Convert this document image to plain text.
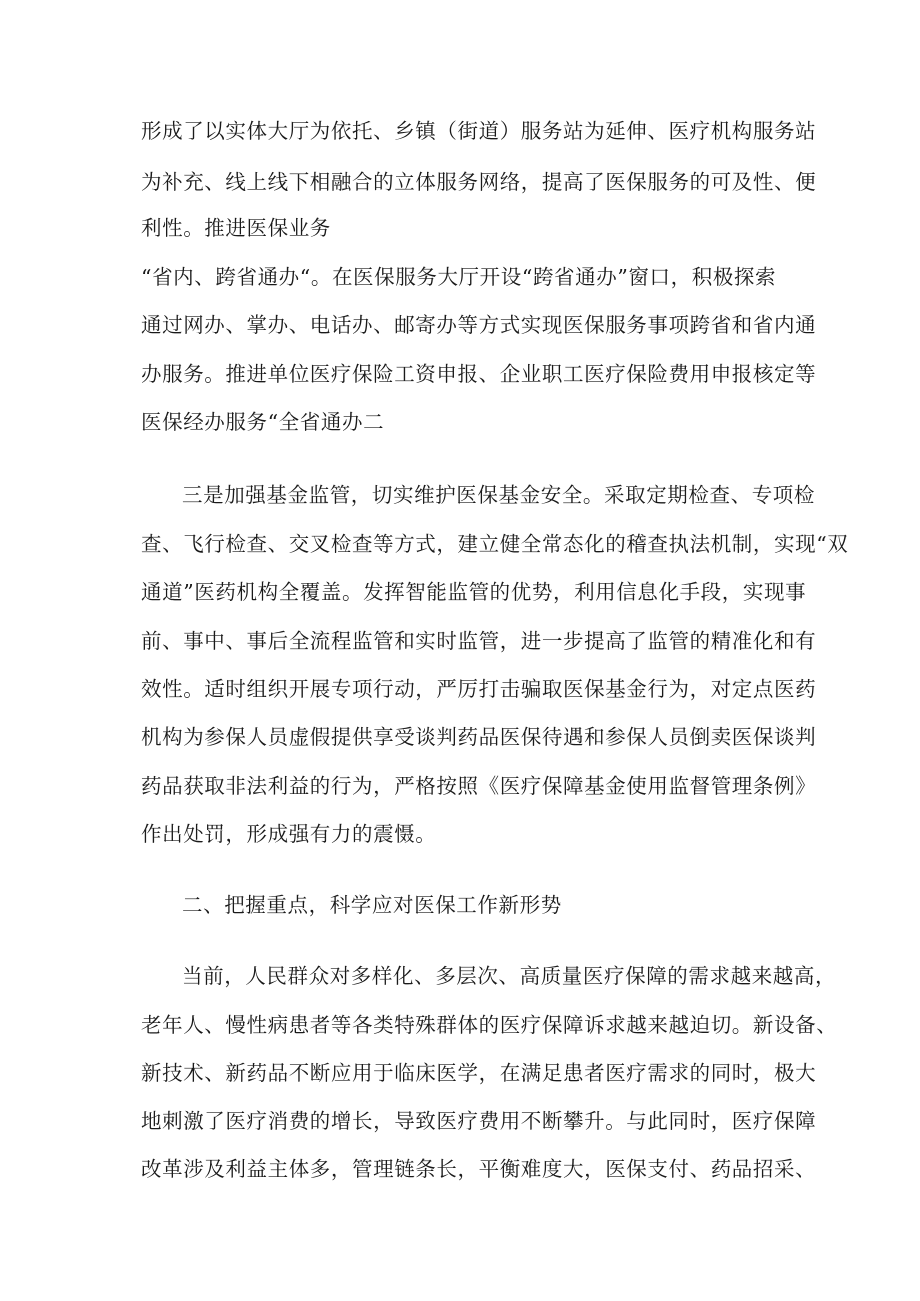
形成了以实体大厅为依托、乡镇（街道）服务站为延伸、医疗机构服务站
为补充、线上线下相融合的立体服务网络，提高了医保服务的可及性、便
利性。推进医保业务
“省内、跨省通办“。在医保服务大厅开设“跨省通办”窗口，积极探索
通过网办、掌办、电话办、邮寄办等方式实现医保服务事项跨省和省内通
办服务。推进单位医疗保险工资申报、企业职工医疗保险费用申报核定等
医保经办服务“全省通办二
三是加强基金监管，切实维护医保基金安全。采取定期检查、专项检
查、飞行检查、交叉检查等方式，建立健全常态化的稽查执法机制，实现“双
通道”医药机构全覆盖。发挥智能监管的优势，利用信息化手段，实现事
前、事中、事后全流程监管和实时监管，进一步提高了监管的精准化和有
效性。适时组织开展专项行动，严厉打击骗取医保基金行为，对定点医药
机构为参保人员虚假提供享受谈判药品医保待遇和参保人员倒卖医保谈判
药品获取非法利益的行为，严格按照《医疗保障基金使用监督管理条例》
作出处罚，形成强有力的震慑。
二、把握重点，科学应对医保工作新形势
当前，人民群众对多样化、多层次、高质量医疗保障的需求越来越高，
老年人、慢性病患者等各类特殊群体的医疗保障诉求越来越迫切。新设备、
新技术、新药品不断应用于临床医学，在满足患者医疗需求的同时，极大
地刺激了医疗消费的增长，导致医疗费用不断攀升。与此同时，医疗保障
改革涉及利益主体多，管理链条长，平衡难度大，医保支付、药品招采、
